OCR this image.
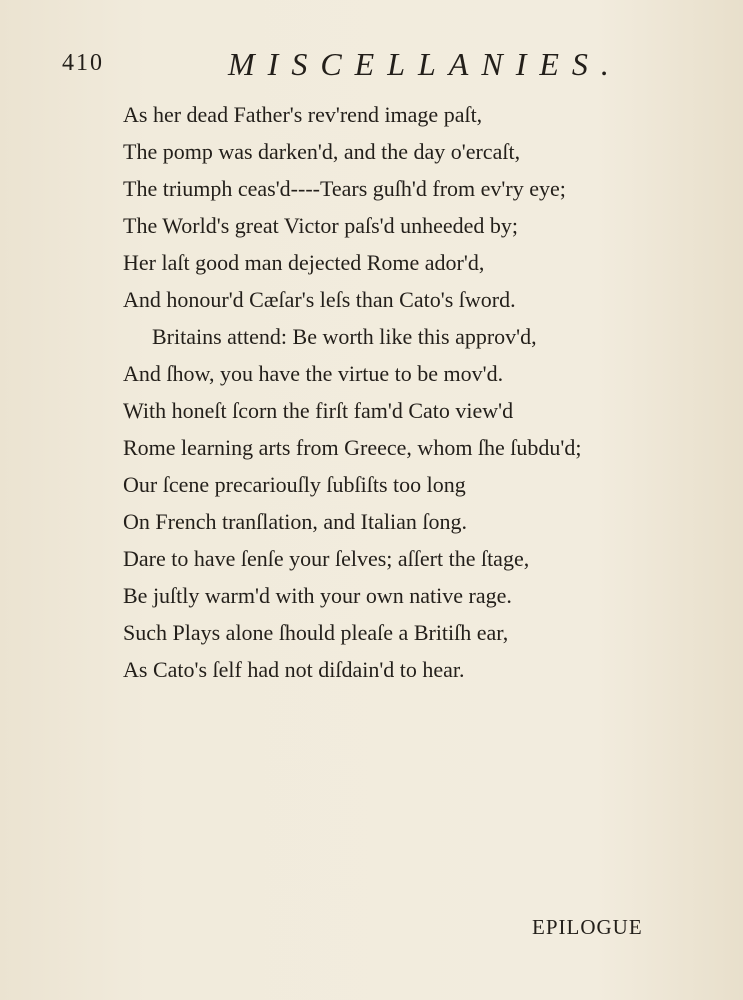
410	MISCELLANIES.
As her dead Father's rev'rend image paſt,
The pomp was darken'd, and the day o'ercaſt,
The triumph ceas'd----Tears guſh'd from ev'ry eye;
The World's great Victor paſs'd unheeded by;
Her laſt good man dejected Rome ador'd,
And honour'd Cæſar's leſs than Cato's ſword.
Britains attend: Be worth like this approv'd,
And ſhow, you have the virtue to be mov'd.
With honeſt ſcorn the firſt fam'd Cato view'd
Rome learning arts from Greece, whom ſhe ſubdu'd;
Our ſcene precariouſly ſubſiſts too long
On French tranſlation, and Italian ſong.
Dare to have ſenſe your ſelves; aſſert the ſtage,
Be juſtly warm'd with your own native rage.
Such Plays alone ſhould pleaſe a Britiſh ear,
As Cato's ſelf had not diſdain'd to hear.
EPILOGUE
